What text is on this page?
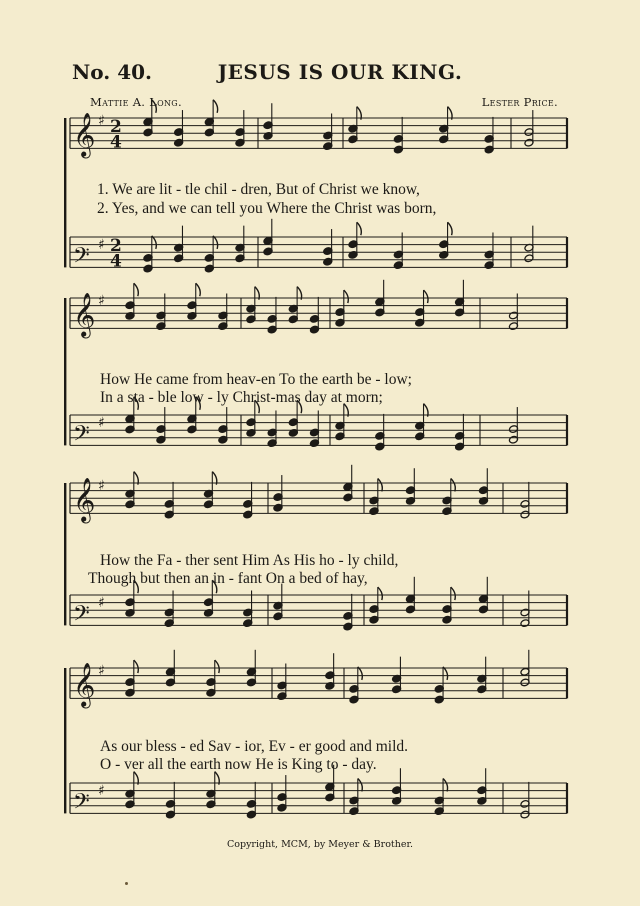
No. 40.	JESUS IS OUR KING.
Mattie A. Long.	Lester Price.
𝄞 ♯ 2
4
𝄢 ♯ 2
4
𝄞 ♯
𝄢 ♯
𝄞 ♯
𝄢 ♯
𝄞 ♯
𝄢 ♯
1. We are lit - tle chil - dren, But of Christ we know,
2. Yes, and we can tell you Where the Christ was born,
How He came from heav-en To the earth be - low;
In a sta - ble low - ly Christ-mas day at morn;
How the Fa - ther sent Him As His ho - ly child,
Though but then an in - fant On a bed of hay,
As our bless - ed Sav - ior, Ev - er good and mild.
O - ver all the earth now He is King to - day.
Copyright, MCM, by Meyer & Brother.
